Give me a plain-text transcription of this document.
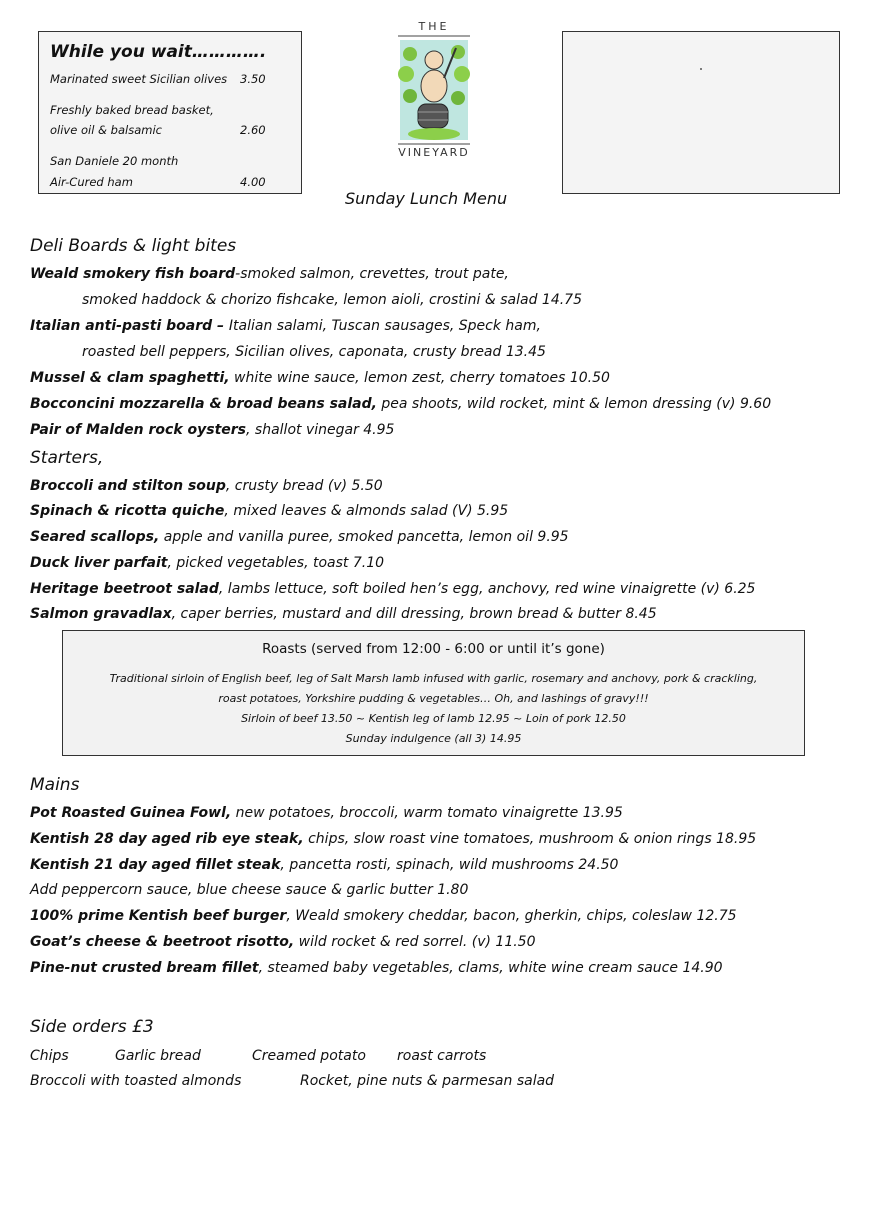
While you wait………….
Marinated sweet Sicilian olives 3.50
Freshly baked bread basket,
olive oil & balsamic	2.60
San Daniele 20 month
Air-Cured ham	4.00
THE
VINEYARD
Sunday Lunch Menu
Deli Boards & light bites
Weald smokery fish board-smoked salmon, crevettes, trout pate,
smoked haddock & chorizo fishcake, lemon aioli, crostini & salad 14.75
Italian anti-pasti board – Italian salami, Tuscan sausages, Speck ham,
roasted bell peppers, Sicilian olives, caponata, crusty bread 13.45
Mussel & clam spaghetti, white wine sauce, lemon zest, cherry tomatoes 10.50
Bocconcini mozzarella & broad beans salad, pea shoots, wild rocket, mint & lemon dressing (v) 9.60
Pair of Malden rock oysters, shallot vinegar 4.95
Starters,
Broccoli and stilton soup, crusty bread (v) 5.50
Spinach & ricotta quiche, mixed leaves & almonds salad (V) 5.95
Seared scallops, apple and vanilla puree, smoked pancetta, lemon oil 9.95
Duck liver parfait, picked vegetables, toast 7.10
Heritage beetroot salad, lambs lettuce, soft boiled hen’s egg, anchovy, red wine vinaigrette (v) 6.25
Salmon gravadlax, caper berries, mustard and dill dressing, brown bread & butter 8.45
Roasts (served from 12:00 - 6:00 or until it’s gone)
Traditional sirloin of English beef, leg of Salt Marsh lamb infused with garlic, rosemary and anchovy, pork & crackling,
roast potatoes, Yorkshire pudding & vegetables… Oh, and lashings of gravy!!!
Sirloin of beef 13.50 ~ Kentish leg of lamb 12.95 ~ Loin of pork 12.50
Sunday indulgence (all 3) 14.95
Mains
Pot Roasted Guinea Fowl, new potatoes, broccoli, warm tomato vinaigrette 13.95
Kentish 28 day aged rib eye steak, chips, slow roast vine tomatoes, mushroom & onion rings 18.95
Kentish 21 day aged fillet steak, pancetta rosti, spinach, wild mushrooms 24.50
Add peppercorn sauce, blue cheese sauce & garlic butter 1.80
100% prime Kentish beef burger, Weald smokery cheddar, bacon, gherkin, chips, coleslaw 12.75
Goat’s cheese & beetroot risotto, wild rocket & red sorrel. (v) 11.50
Pine-nut crusted bream fillet, steamed baby vegetables, clams, white wine cream sauce 14.90
Side orders £3
Chips	Garlic bread	Creamed potato roast carrots
Broccoli with toasted almonds	Rocket, pine nuts & parmesan salad
